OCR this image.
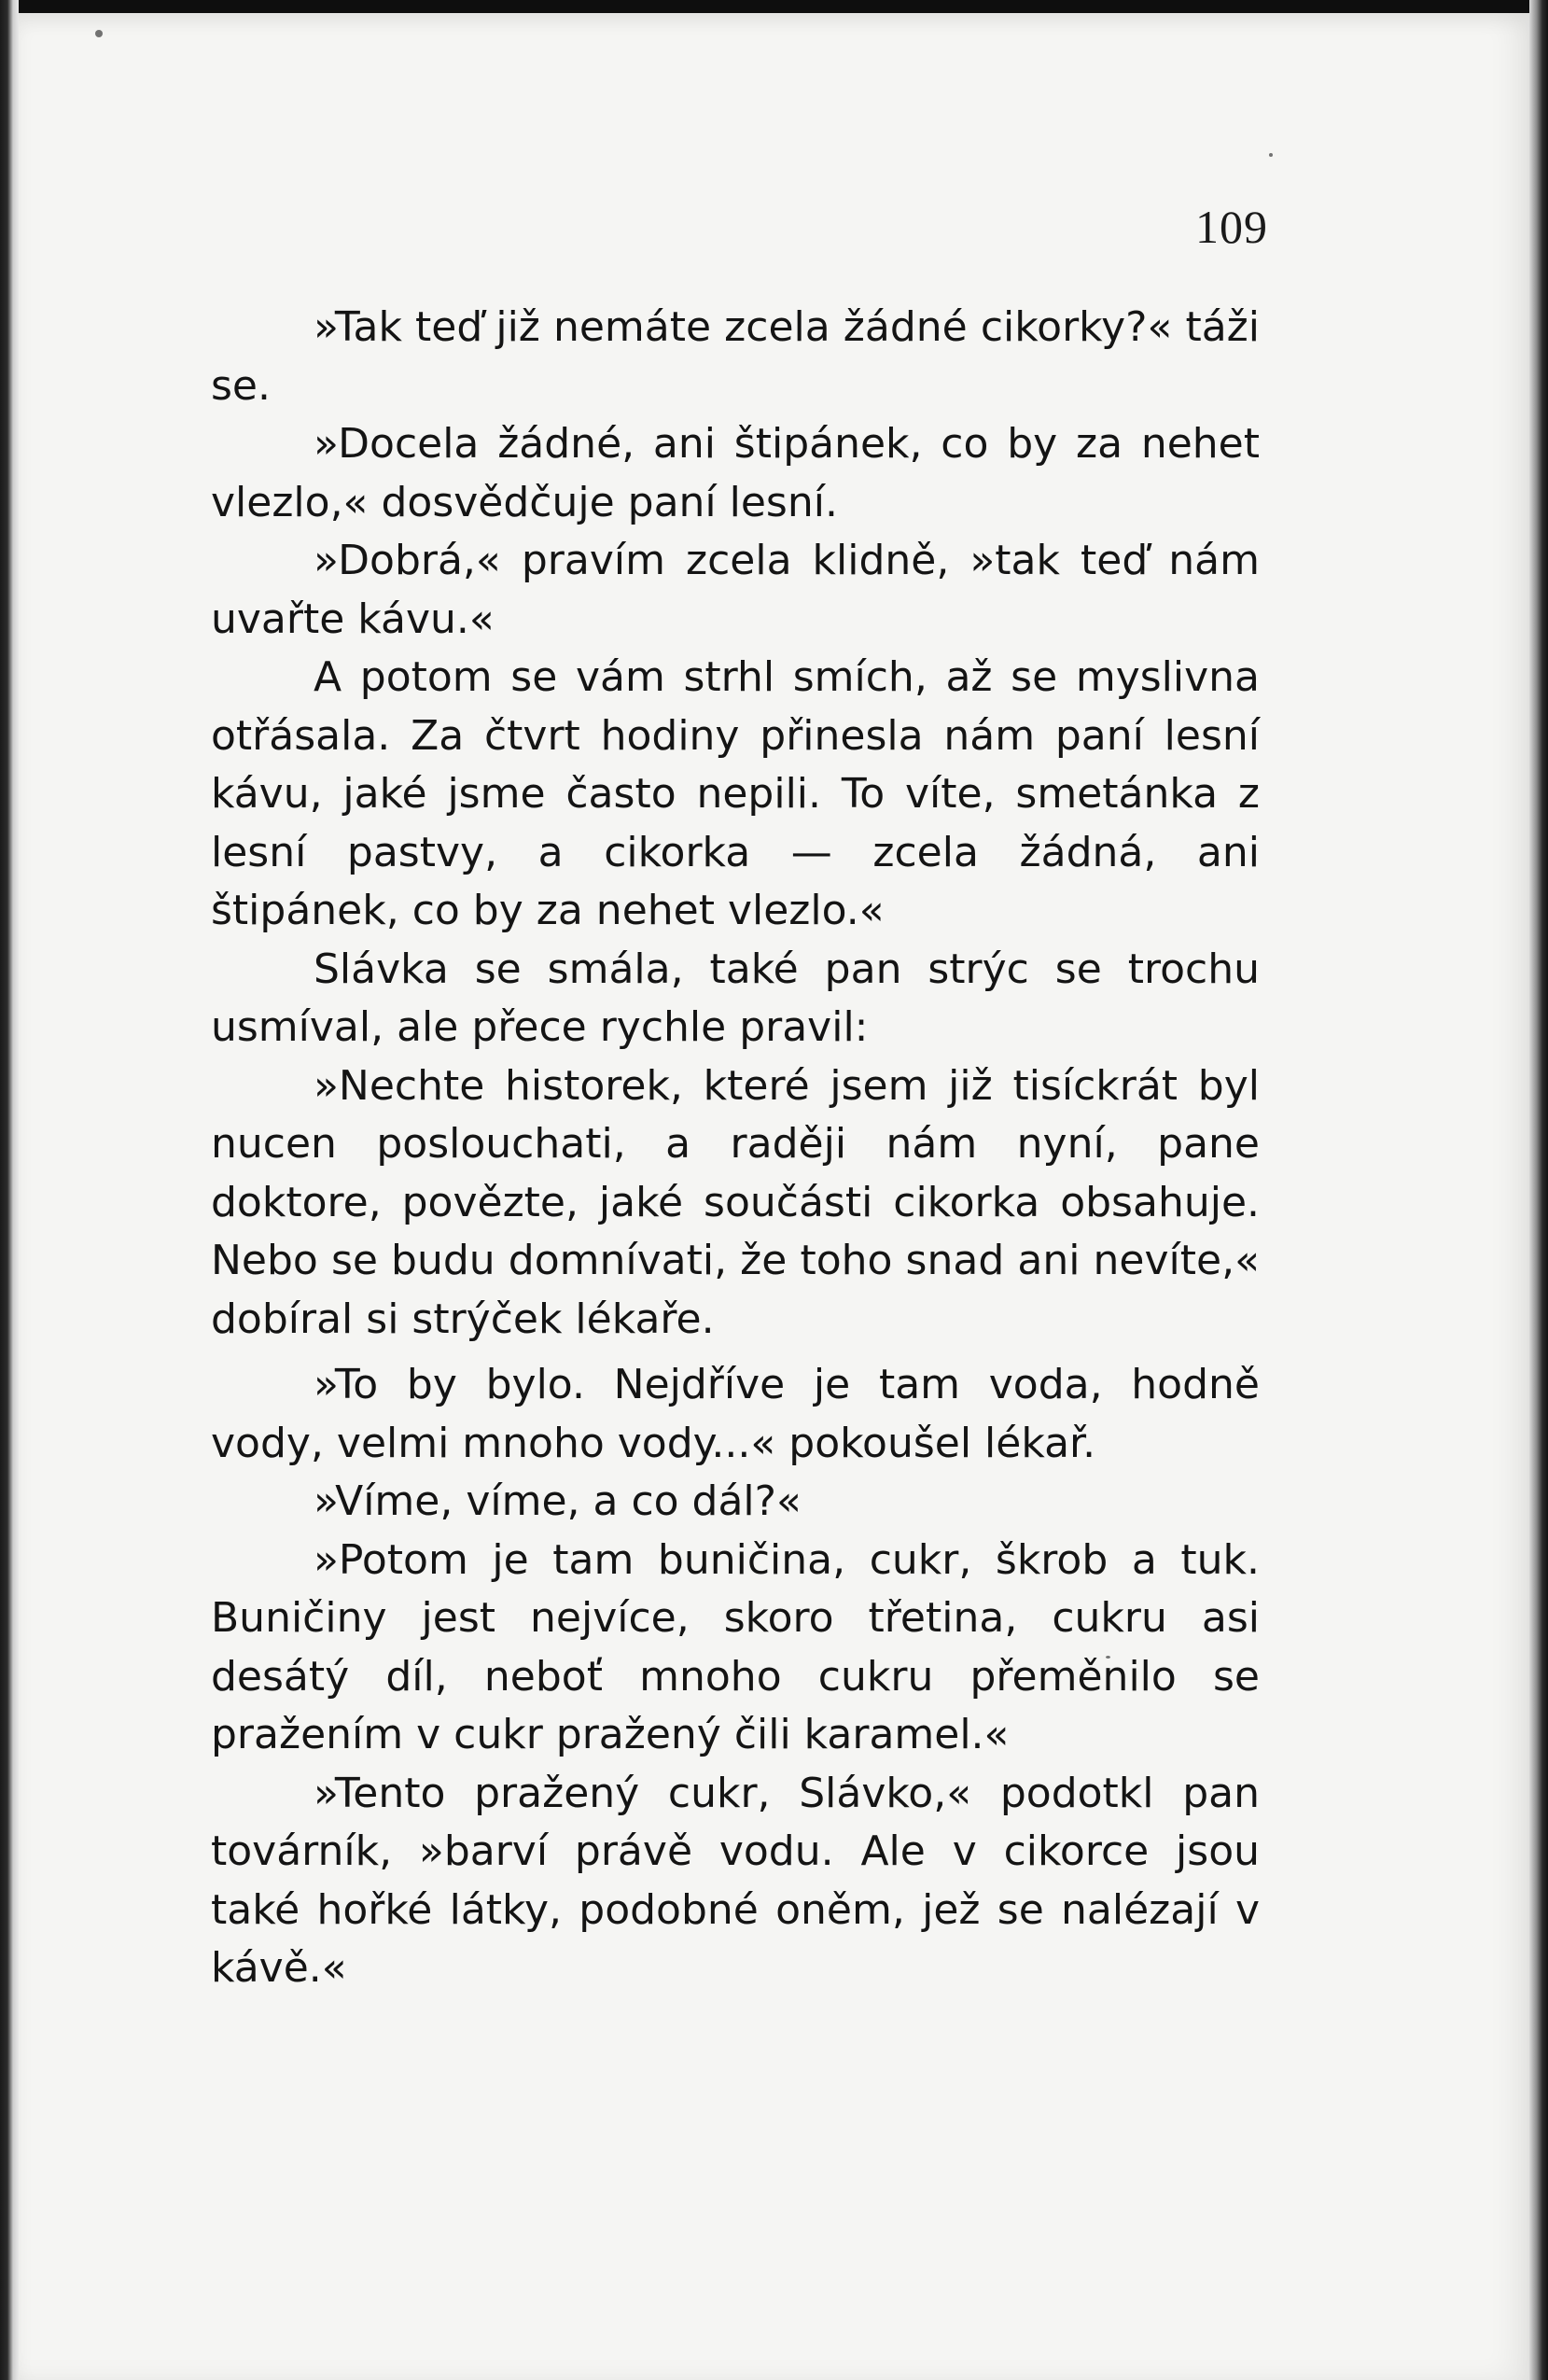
109

»Tak teď již nemáte zcela žádné cikorky?« táži se.

»Docela žádné, ani štipánek, co by za nehet vlezlo,« dosvědčuje paní lesní.

»Dobrá,« pravím zcela klidně, »tak teď nám uvařte kávu.«

A potom se vám strhl smích, až se myslivna otřásala. Za čtvrt hodiny přinesla nám paní lesní kávu, jaké jsme často nepili. To víte, smetánka z lesní pastvy, a cikorka — zcela žádná, ani štipánek, co by za nehet vlezlo.«

Slávka se smála, také pan strýc se trochu usmíval, ale přece rychle pravil:

»Nechte historek, které jsem již tisíckrát byl nucen poslouchati, a raději nám nyní, pane doktore, povězte, jaké součásti cikorka obsahuje. Nebo se budu domnívati, že toho snad ani nevíte,« dobíral si strýček lékaře.

»To by bylo. Nejdříve je tam voda, hodně vody, velmi mnoho vody...« pokoušel lékař.

»Víme, víme, a co dál?«

»Potom je tam buničina, cukr, škrob a tuk. Buničiny jest nejvíce, skoro třetina, cukru asi desátý díl, neboť mnoho cukru přeměnilo se pražením v cukr pražený čili karamel.«

»Tento pražený cukr, Slávko,« podotkl pan továrník, »barví právě vodu. Ale v cikorce jsou také hořké látky, podobné oněm, jež se nalézají v kávě.«
